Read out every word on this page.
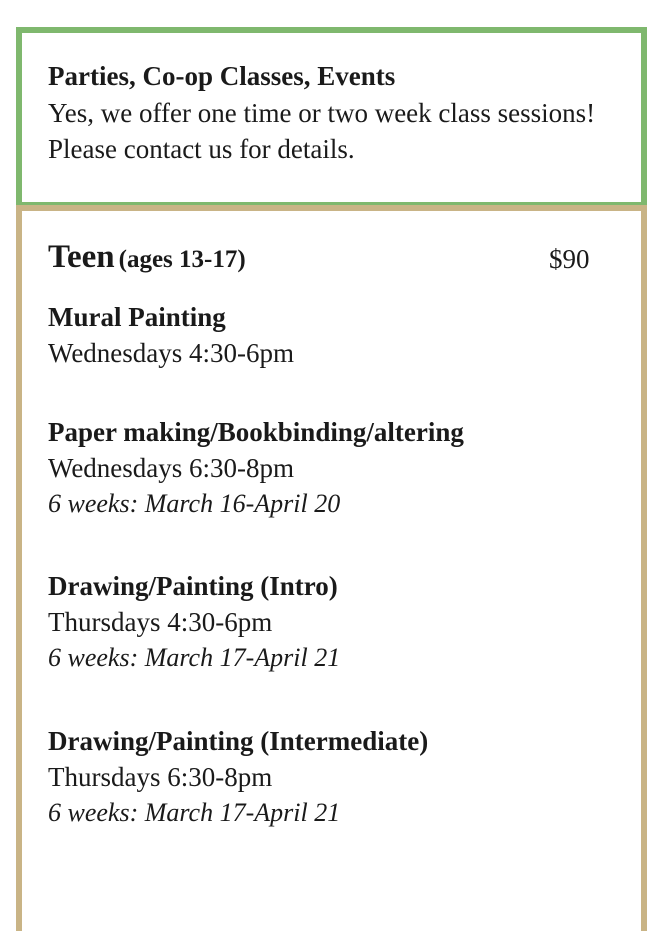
Parties, Co-op Classes, Events
Yes, we offer one time or two week class sessions! Please contact us for details.
Teen (ages 13-17)	$90
Mural Painting
Wednesdays 4:30-6pm
Paper making/Bookbinding/altering
Wednesdays 6:30-8pm
6 weeks: March 16-April 20
Drawing/Painting (Intro)
Thursdays 4:30-6pm
6 weeks: March 17-April 21
Drawing/Painting (Intermediate)
Thursdays 6:30-8pm
6 weeks: March 17-April 21
